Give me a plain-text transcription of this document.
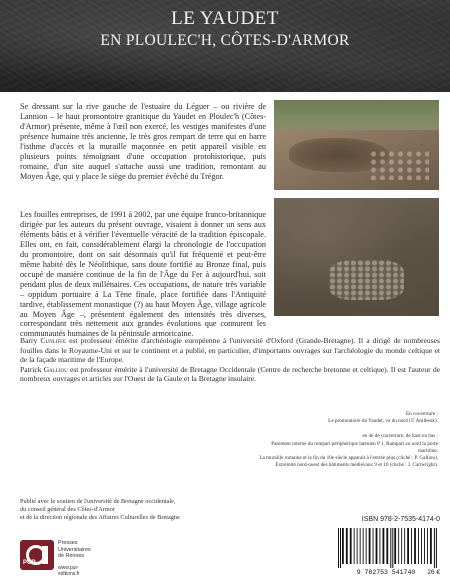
LE YAUDET
EN PLOULEC'H, CÔTES-D'ARMOR
Se dressant sur la rive gauche de l'estuaire du Léguer – ou rivière de Lannion – le haut promontoire granitique du Yaudet en Ploulec'h (Côtes-d'Armor) présente, même à l'œil non exercé, les vestiges manifestes d'une présence humaine très ancienne, le très gros rempart de terre qui en barre l'isthme d'accès et la muraille maçonnée en petit appareil visible en plusieurs points témoignant d'une occupation protohistorique, puis romaine, d'un site auquel s'attache aussi une tradition, remontant au Moyen Âge, qui y place le siège du premier évêché du Trégor.
Les fouilles entreprises, de 1991 à 2002, par une équipe franco-britannique dirigée par les auteurs du présent ouvrage, visaient à donner un sens aux éléments bâtis et à vérifier l'éventuelle véracité de la tradition épiscopale. Elles ont, en fait, considérablement élargi la chronologie de l'occupation du promontoire, dont on sait désormais qu'il fut fréquenté et peut-être même habité dès le Néolithique, sans doute fortifié au Bronze final, puis occupé de manière continue de la fin de l'Âge du Fer à aujourd'hui, soit pendant plus de deux millénaires. Ces occupations, de nature très variable – oppidum portuaire à La Tène finale, place fortifiée dans l'Antiquité tardive, établissement monastique (?) au haut Moyen Âge, village agricole au Moyen Âge –, présentent également des intensités très diverses, correspondant très nettement aux grandes évolutions que connurent les communautés humaines de la péninsule armoricaine.

Barry Cunliffe est professeur émérite d'archéologie européenne à l'université d'Oxford (Grande-Bretagne). Il a dirigé de nombreuses fouilles dans le Royaume-Uni et sur le continent et a publié, en particulier, d'importants ouvrages sur l'archéologie du monde celtique et de la façade maritime de l'Europe.

Patrick Galliou est professeur émérite à l'université de Bretagne Occidentale (Centre de recherche bretonne et celtique). Il est l'auteur de nombreux ouvrages et articles sur l'Ouest de la Gaule et la Bretagne insulaire.

En couverture :

Le promontoire du Yaudet, vu du nord (© Ahilbeok).

en 4e de couverture, de haut en bas :

Parement interne du rempart périphérique laténien P 1, Rampart au nord la porte maritime.

La muraille romaine et la fin du 10e siècle apparait à l'entrée plus (cliché : P. Galliou).

Extrémité nord-ouest des bâtiments médiévaux 9 et 10 (cliché : J. Cartwright).

Publié avec le soutien de l'université de Bretagne occidentale,
du conseil général des Côtes-d'Armor
et de la direction régionale des Affaires Culturelles de Bretagne
PUR
Presses
Universitaires
de Rennes
www.pur-editions.fr
ISBN 978-2-7535-4174-0
9 782753 541740	26 €
